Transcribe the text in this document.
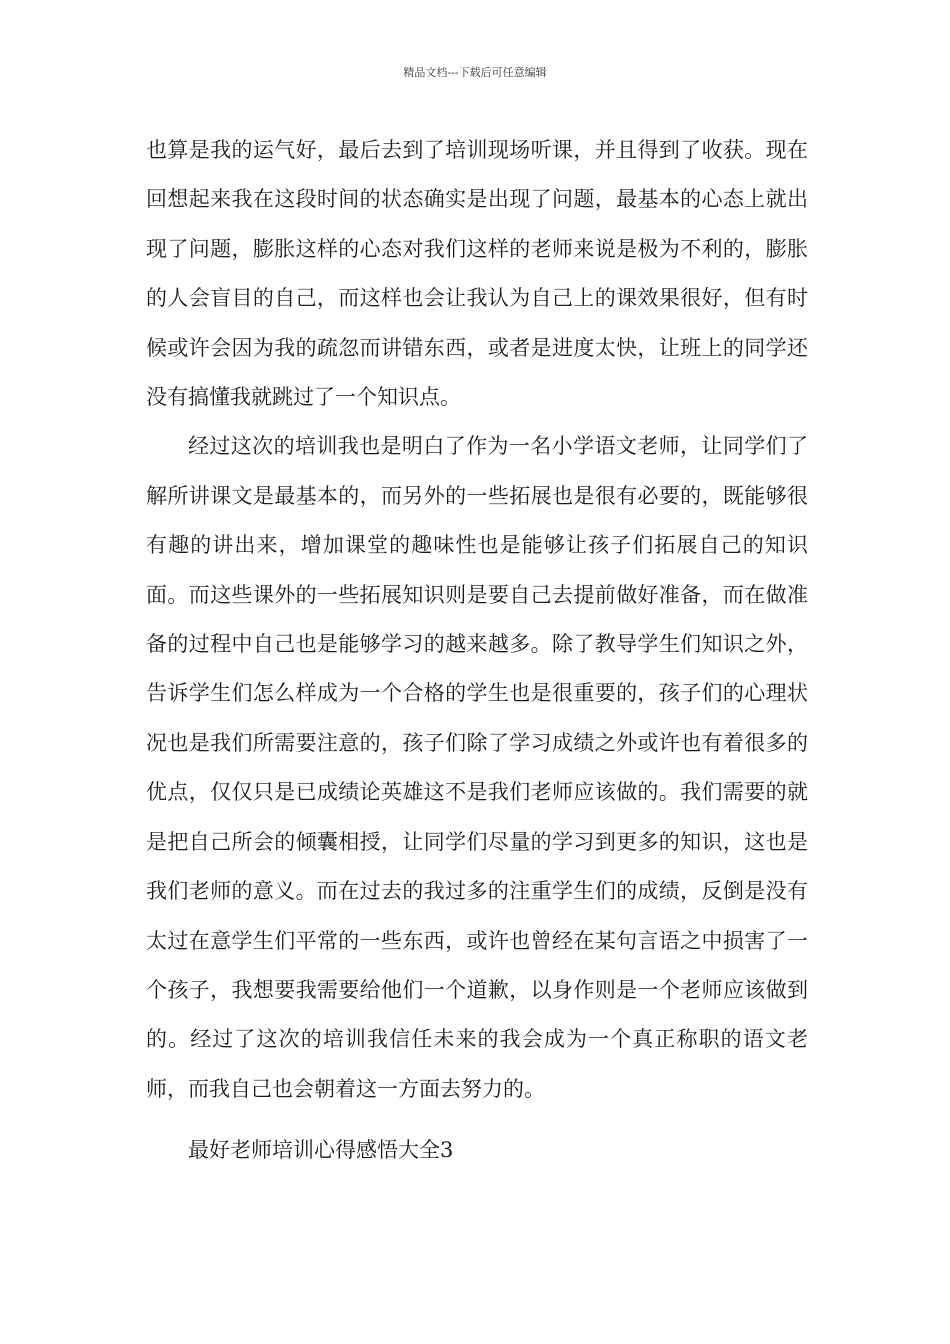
精品文档---下载后可任意编辑

也算是我的运气好，最后去到了培训现场听课，并且得到了收获。现在回想起来我在这段时间的状态确实是出现了问题，最基本的心态上就出现了问题，膨胀这样的心态对我们这样的老师来说是极为不利的，膨胀的人会盲目的自己，而这样也会让我认为自己上的课效果很好，但有时候或许会因为我的疏忽而讲错东西，或者是进度太快，让班上的同学还没有搞懂我就跳过了一个知识点。

经过这次的培训我也是明白了作为一名小学语文老师，让同学们了解所讲课文是最基本的，而另外的一些拓展也是很有必要的，既能够很有趣的讲出来，增加课堂的趣味性也是能够让孩子们拓展自己的知识面。而这些课外的一些拓展知识则是要自己去提前做好准备，而在做准备的过程中自己也是能够学习的越来越多。除了教导学生们知识之外，告诉学生们怎么样成为一个合格的学生也是很重要的，孩子们的心理状况也是我们所需要注意的，孩子们除了学习成绩之外或许也有着很多的优点，仅仅只是已成绩论英雄这不是我们老师应该做的。我们需要的就是把自己所会的倾囊相授，让同学们尽量的学习到更多的知识，这也是我们老师的意义。而在过去的我过多的注重学生们的成绩，反倒是没有太过在意学生们平常的一些东西，或许也曾经在某句言语之中损害了一个孩子，我想要我需要给他们一个道歉，以身作则是一个老师应该做到的。经过了这次的培训我信任未来的我会成为一个真正称职的语文老师，而我自己也会朝着这一方面去努力的。

最好老师培训心得感悟大全3
